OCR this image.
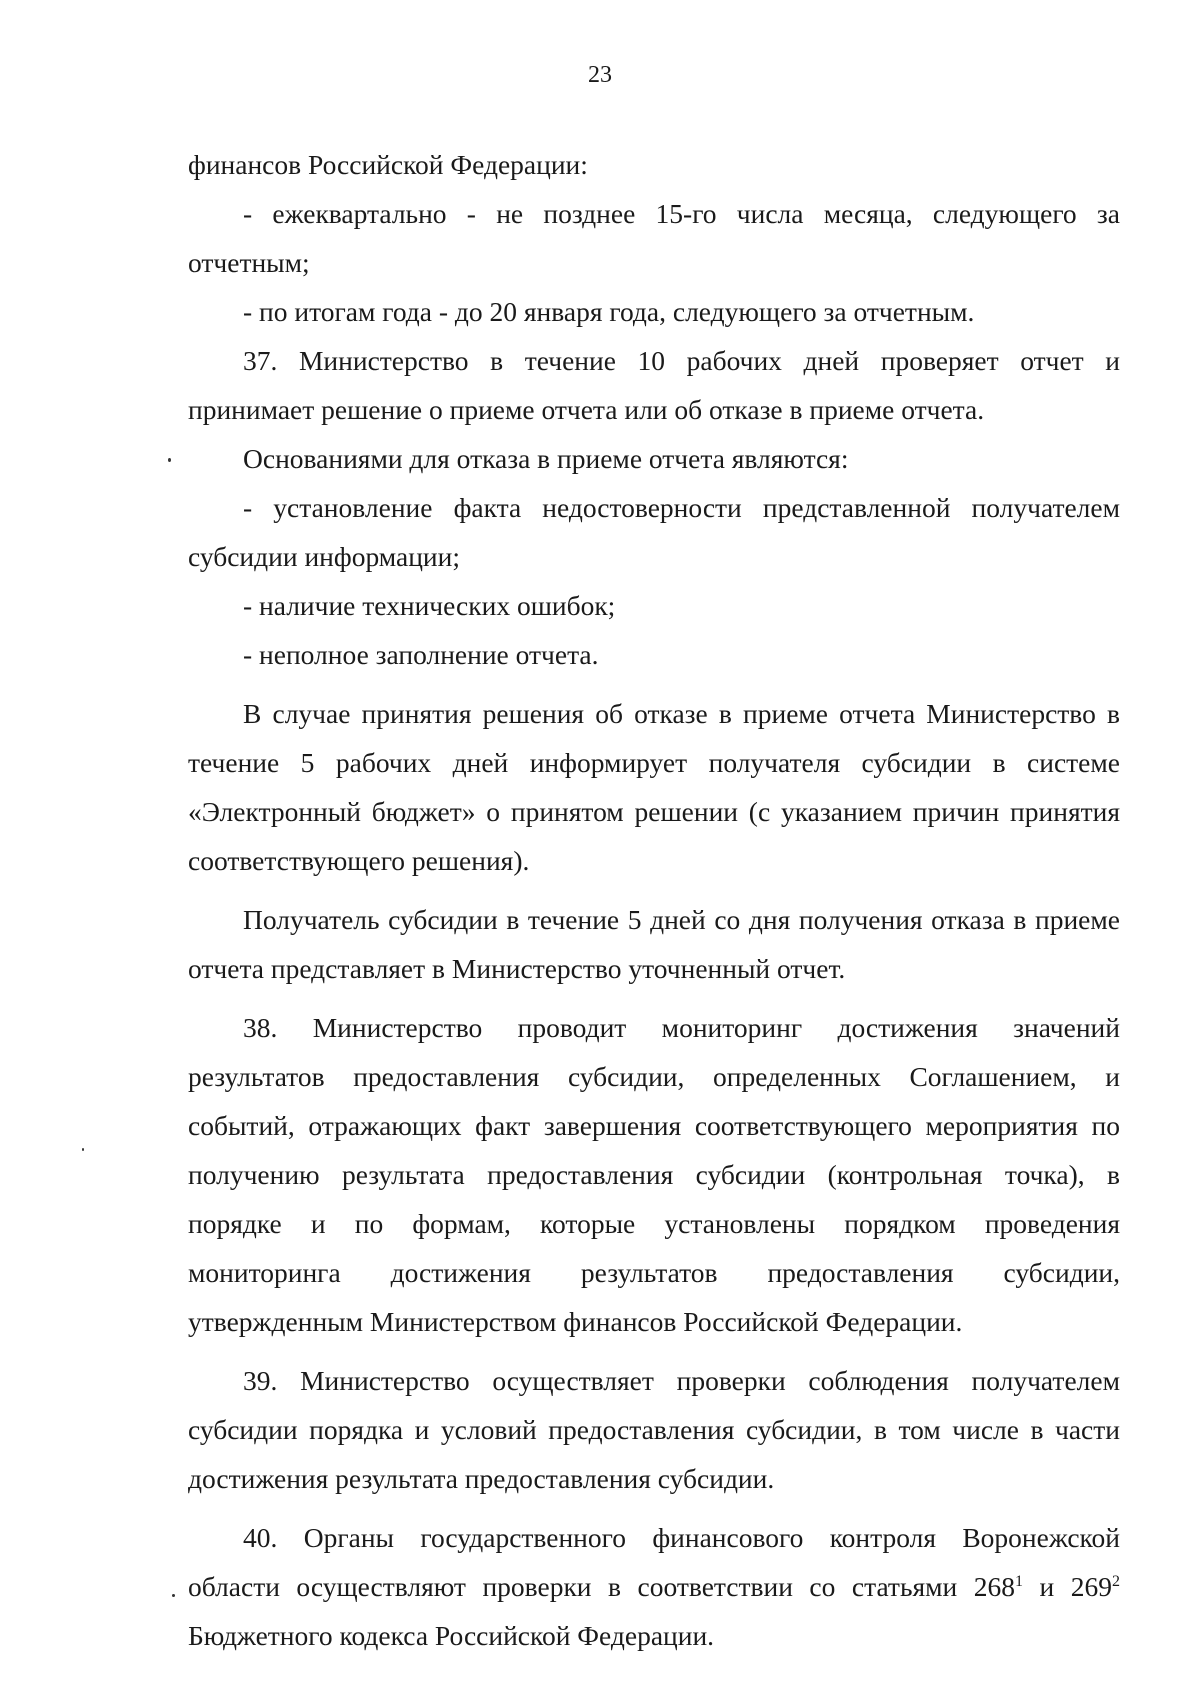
23

финансов Российской Федерации:

- ежеквартально - не позднее 15-го числа месяца, следующего за отчетным;

- по итогам года - до 20 января года, следующего за отчетным.

37. Министерство в течение 10 рабочих дней проверяет отчет и принимает решение о приеме отчета или об отказе в приеме отчета.

Основаниями для отказа в приеме отчета являются:

- установление факта недостоверности представленной получателем субсидии информации;

- наличие технических ошибок;

- неполное заполнение отчета.

В случае принятия решения об отказе в приеме отчета Министерство в течение 5 рабочих дней информирует получателя субсидии в системе «Электронный бюджет» о принятом решении (с указанием причин принятия соответствующего решения).

Получатель субсидии в течение 5 дней со дня получения отказа в приеме отчета представляет в Министерство уточненный отчет.

38. Министерство проводит мониторинг достижения значений результатов предоставления субсидии, определенных Соглашением, и событий, отражающих факт завершения соответствующего мероприятия по получению результата предоставления субсидии (контрольная точка), в порядке и по формам, которые установлены порядком проведения мониторинга достижения результатов предоставления субсидии, утвержденным Министерством финансов Российской Федерации.

39. Министерство осуществляет проверки соблюдения получателем субсидии порядка и условий предоставления субсидии, в том числе в части достижения результата предоставления субсидии.

40. Органы государственного финансового контроля Воронежской области осуществляют проверки в соответствии со статьями $268^1$ и $269^2$ Бюджетного кодекса Российской Федерации.
